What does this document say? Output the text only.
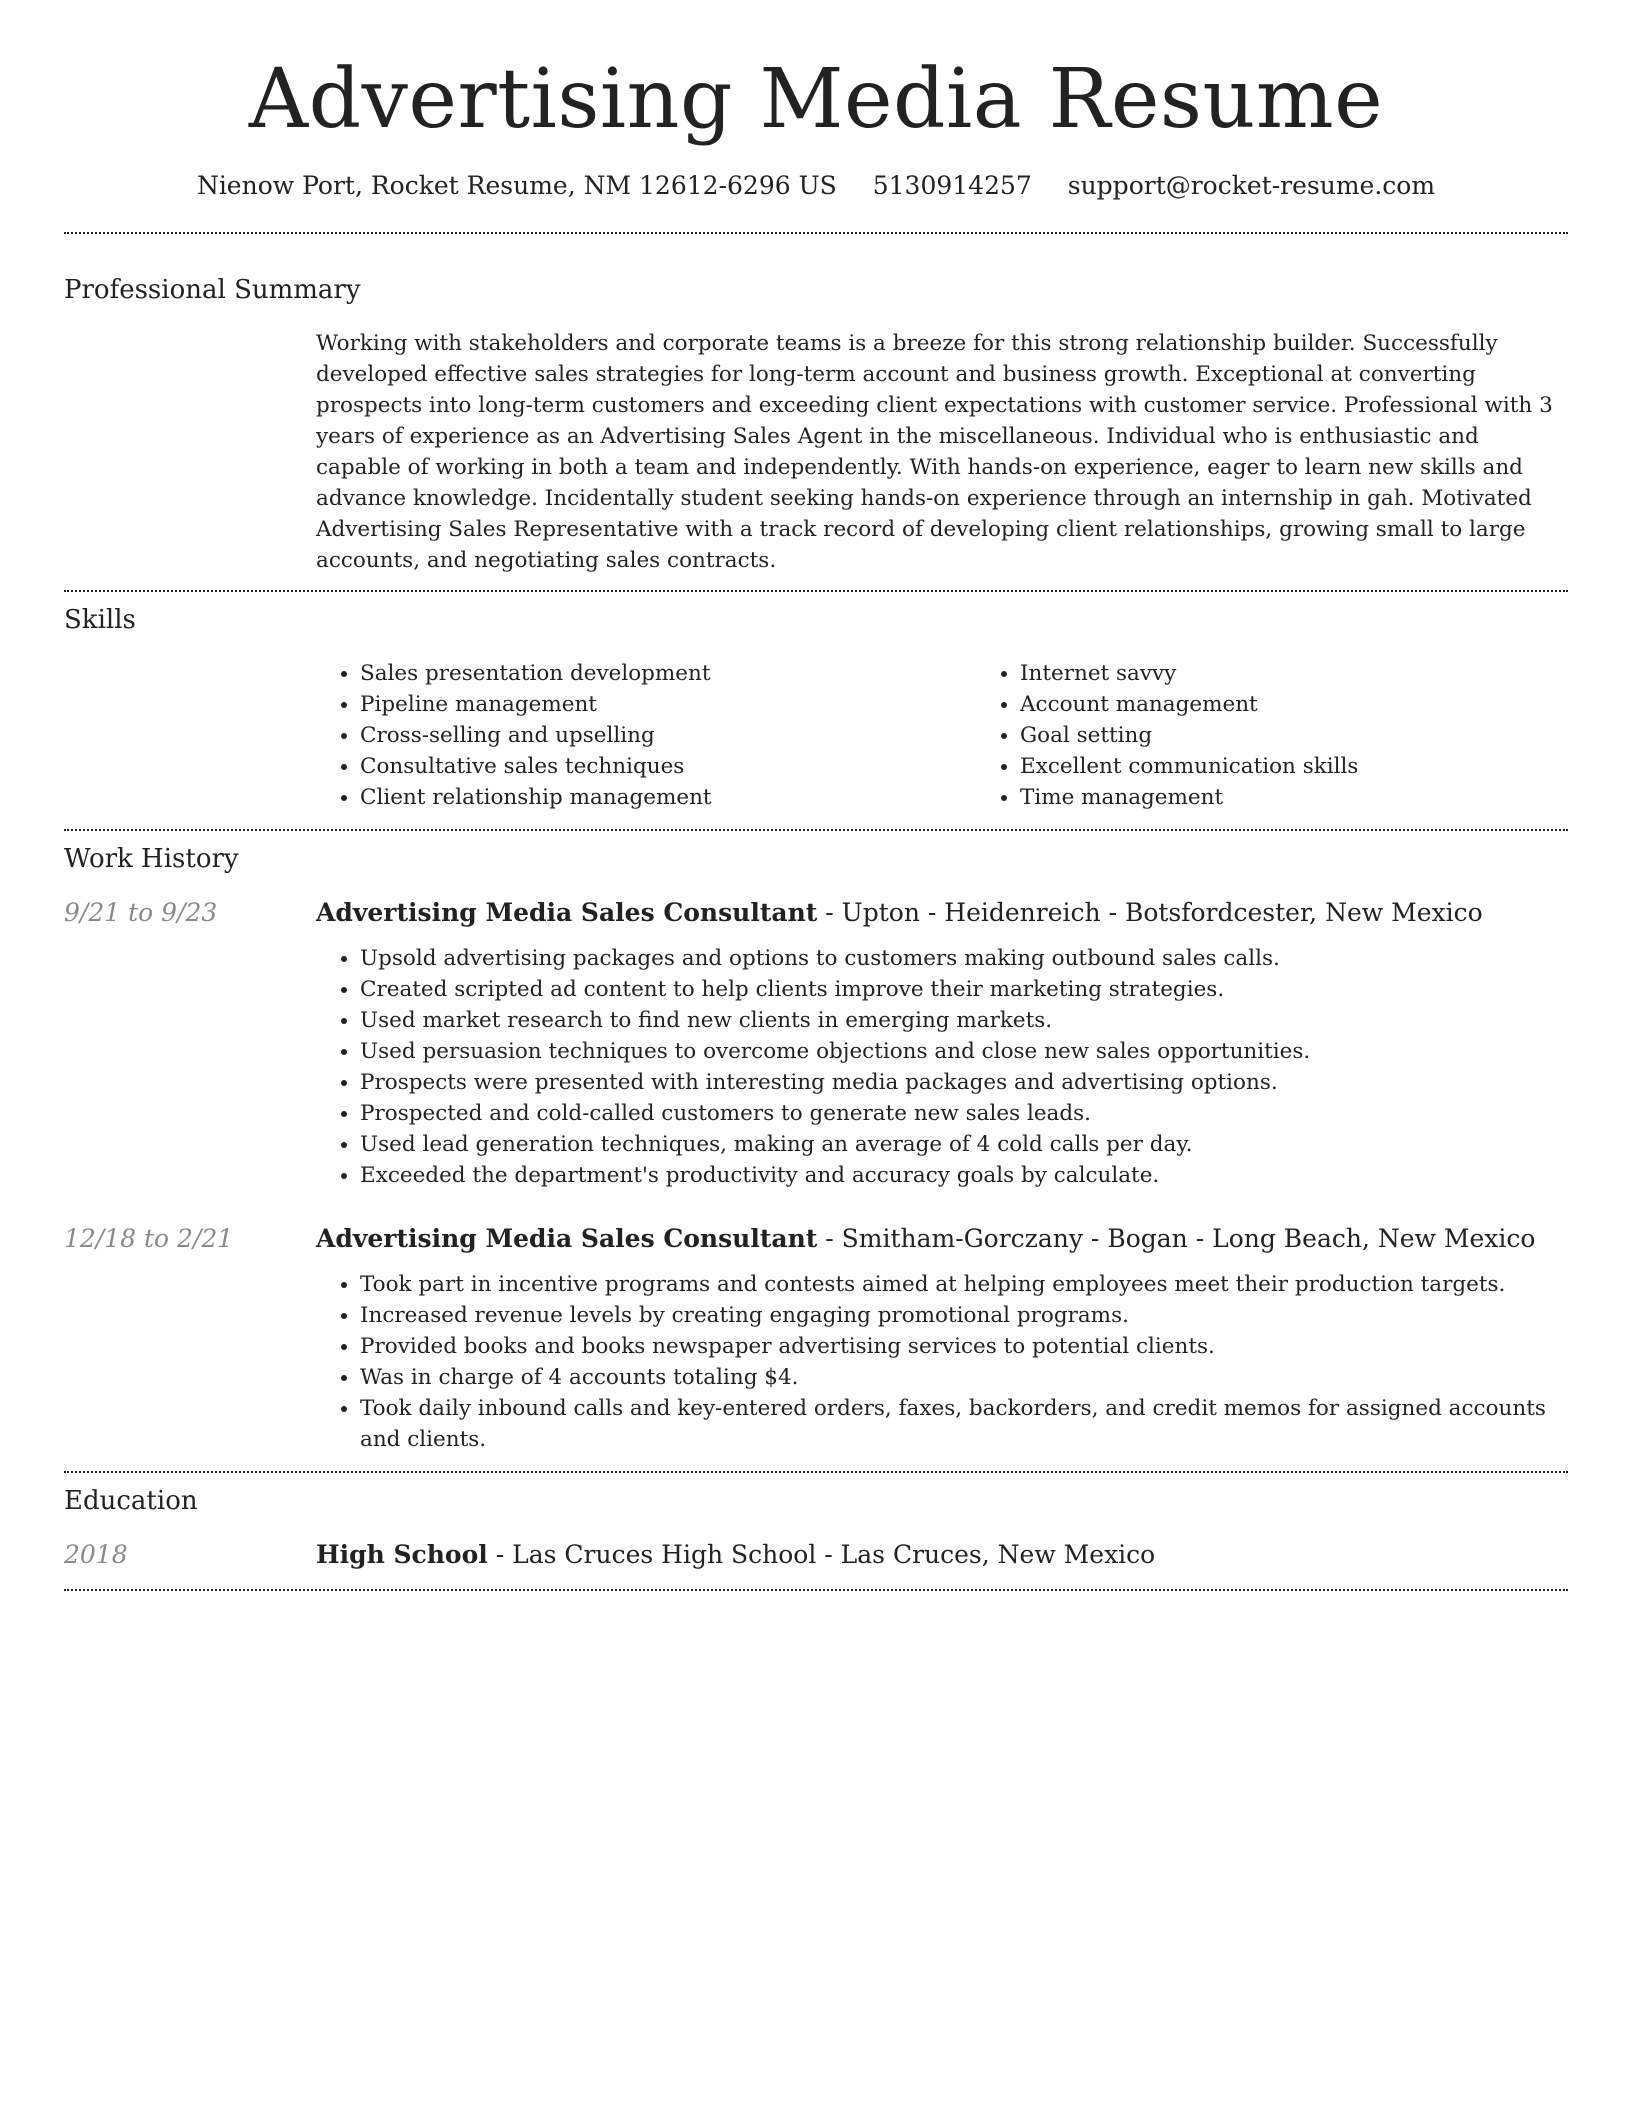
Advertising Media Resume
Nienow Port, Rocket Resume, NM 12612-6296 US 5130914257 support@rocket-resume.com
Professional Summary

Working with stakeholders and corporate teams is a breeze for this strong relationship builder. Successfully developed effective sales strategies for long-term account and business growth. Exceptional at converting prospects into long-term customers and exceeding client expectations with customer service. Professional with 3 years of experience as an Advertising Sales Agent in the miscellaneous. Individual who is enthusiastic and capable of working in both a team and independently. With hands-on experience, eager to learn new skills and advance knowledge. Incidentally student seeking hands-on experience through an internship in gah. Motivated Advertising Sales Representative with a track record of developing client relationships, growing small to large accounts, and negotiating sales contracts.

Skills
• Sales presentation development
• Pipeline management
• Cross-selling and upselling
• Consultative sales techniques
• Client relationship management
• Internet savvy
• Account management
• Goal setting
• Excellent communication skills
• Time management
Work History
9/21 to 9/23	Advertising Media Sales Consultant - Upton - Heidenreich - Botsfordcester, New Mexico

• Upsold advertising packages and options to customers making outbound sales calls.
• Created scripted ad content to help clients improve their marketing strategies.
• Used market research to find new clients in emerging markets.
• Used persuasion techniques to overcome objections and close new sales opportunities.
• Prospects were presented with interesting media packages and advertising options.
• Prospected and cold-called customers to generate new sales leads.
• Used lead generation techniques, making an average of 4 cold calls per day.
• Exceeded the department's productivity and accuracy goals by calculate.
12/18 to 2/21	Advertising Media Sales Consultant - Smitham-Gorczany - Bogan - Long Beach, New Mexico

• Took part in incentive programs and contests aimed at helping employees meet their production targets.
• Increased revenue levels by creating engaging promotional programs.
• Provided books and books newspaper advertising services to potential clients.
• Was in charge of 4 accounts totaling $4.
• Took daily inbound calls and key-entered orders, faxes, backorders, and credit memos for assigned accounts and clients.
Education
2018	High School - Las Cruces High School - Las Cruces, New Mexico
